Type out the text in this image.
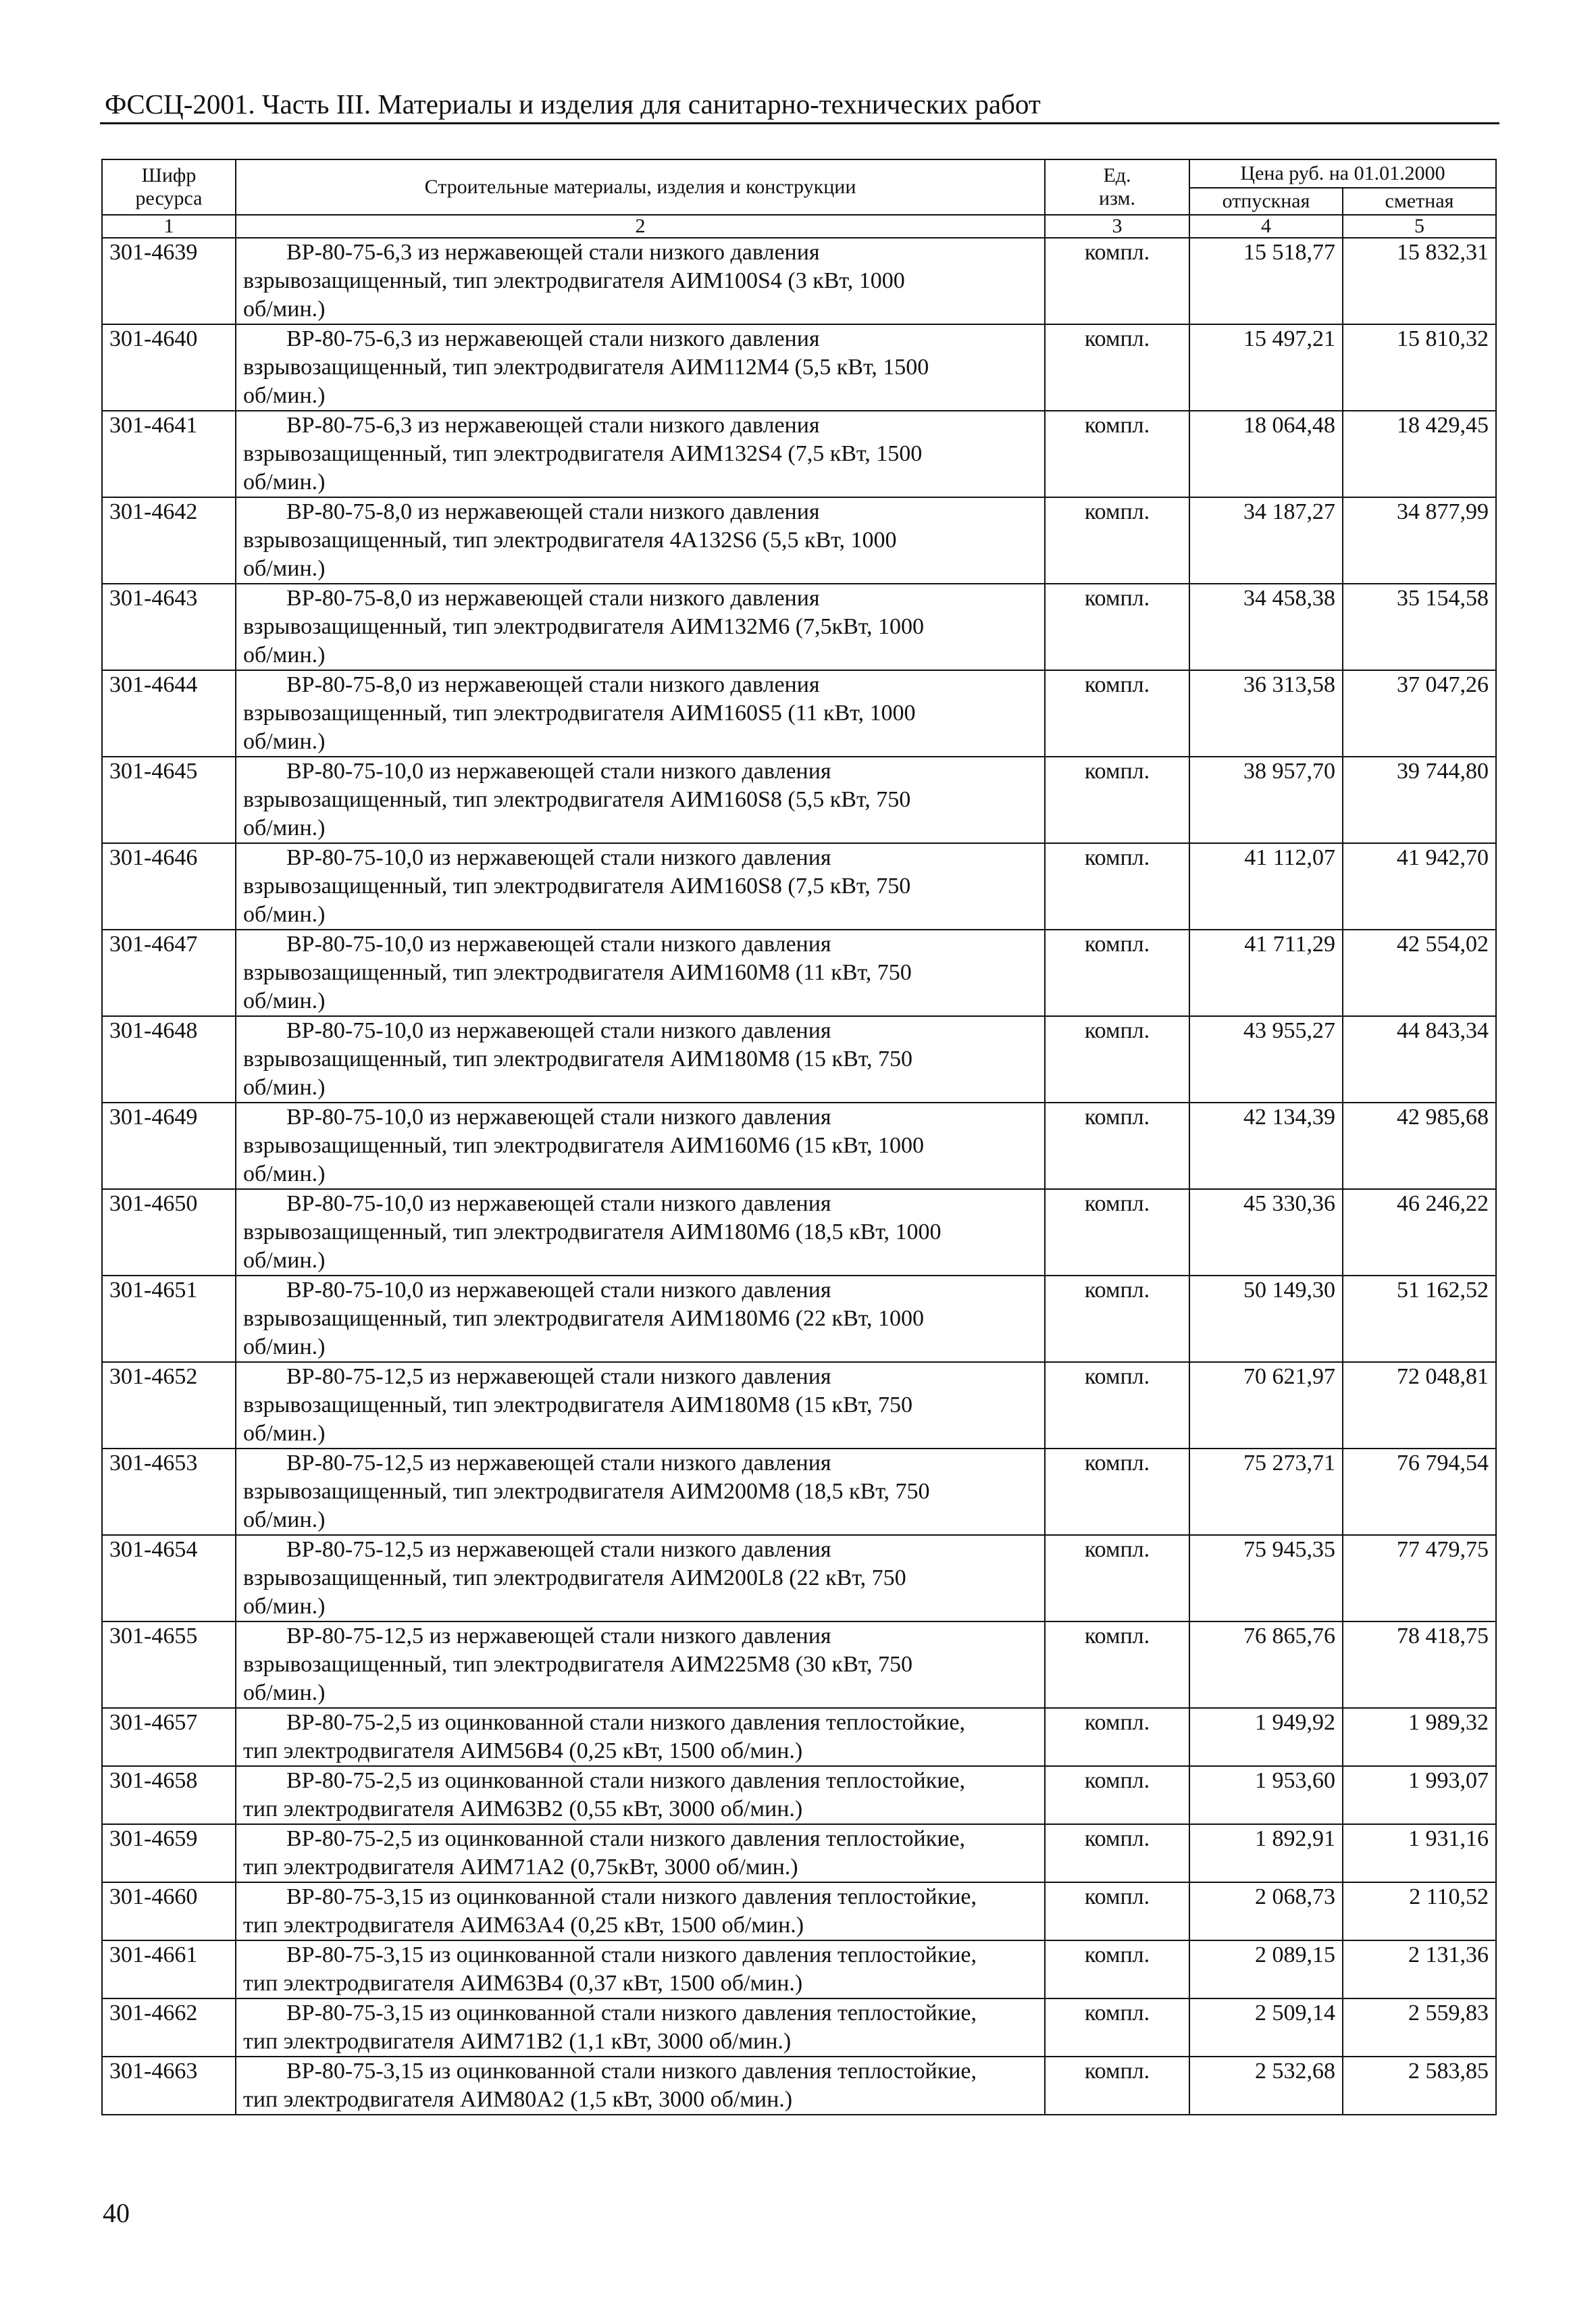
ФССЦ-2001. Часть III. Материалы и изделия для санитарно-технических работ
Шифр
ресурса	Строительные материалы, изделия и конструкции	Ед.
изм.	Цена руб. на 01.01.2000	
			отпускная	сметная
1	2	3	4	5
301-4639	ВР-80-75-6,3 из нержавеющей стали низкого давления
взрывозащищенный, тип электродвигателя АИМ100S4 (3 кВт, 1000
об/мин.)	компл.	15 518,77	15 832,31
301-4640	ВР-80-75-6,3 из нержавеющей стали низкого давления
взрывозащищенный, тип электродвигателя АИМ112М4 (5,5 кВт, 1500
об/мин.)	компл.	15 497,21	15 810,32
301-4641	ВР-80-75-6,3 из нержавеющей стали низкого давления
взрывозащищенный, тип электродвигателя АИМ132S4 (7,5 кВт, 1500
об/мин.)	компл.	18 064,48	18 429,45
301-4642	ВР-80-75-8,0 из нержавеющей стали низкого давления
взрывозащищенный, тип электродвигателя 4А132S6 (5,5 кВт, 1000
об/мин.)	компл.	34 187,27	34 877,99
301-4643	ВР-80-75-8,0 из нержавеющей стали низкого давления
взрывозащищенный, тип электродвигателя АИМ132М6 (7,5кВт, 1000
об/мин.)	компл.	34 458,38	35 154,58
301-4644	ВР-80-75-8,0 из нержавеющей стали низкого давления
взрывозащищенный, тип электродвигателя АИМ160S5 (11 кВт, 1000
об/мин.)	компл.	36 313,58	37 047,26
301-4645	ВР-80-75-10,0 из нержавеющей стали низкого давления
взрывозащищенный, тип электродвигателя АИМ160S8 (5,5 кВт, 750
об/мин.)	компл.	38 957,70	39 744,80
301-4646	ВР-80-75-10,0 из нержавеющей стали низкого давления
взрывозащищенный, тип электродвигателя АИМ160S8 (7,5 кВт, 750
об/мин.)	компл.	41 112,07	41 942,70
301-4647	ВР-80-75-10,0 из нержавеющей стали низкого давления
взрывозащищенный, тип электродвигателя АИМ160М8 (11 кВт, 750
об/мин.)	компл.	41 711,29	42 554,02
301-4648	ВР-80-75-10,0 из нержавеющей стали низкого давления
взрывозащищенный, тип электродвигателя АИМ180М8 (15 кВт, 750
об/мин.)	компл.	43 955,27	44 843,34
301-4649	ВР-80-75-10,0 из нержавеющей стали низкого давления
взрывозащищенный, тип электродвигателя АИМ160М6 (15 кВт, 1000
об/мин.)	компл.	42 134,39	42 985,68
301-4650	ВР-80-75-10,0 из нержавеющей стали низкого давления
взрывозащищенный, тип электродвигателя АИМ180М6 (18,5 кВт, 1000
об/мин.)	компл.	45 330,36	46 246,22
301-4651	ВР-80-75-10,0 из нержавеющей стали низкого давления
взрывозащищенный, тип электродвигателя АИМ180М6 (22 кВт, 1000
об/мин.)	компл.	50 149,30	51 162,52
301-4652	ВР-80-75-12,5 из нержавеющей стали низкого давления
взрывозащищенный, тип электродвигателя АИМ180М8 (15 кВт, 750
об/мин.)	компл.	70 621,97	72 048,81
301-4653	ВР-80-75-12,5 из нержавеющей стали низкого давления
взрывозащищенный, тип электродвигателя АИМ200М8 (18,5 кВт, 750
об/мин.)	компл.	75 273,71	76 794,54
301-4654	ВР-80-75-12,5 из нержавеющей стали низкого давления
взрывозащищенный, тип электродвигателя АИМ200L8 (22 кВт, 750
об/мин.)	компл.	75 945,35	77 479,75
301-4655	ВР-80-75-12,5 из нержавеющей стали низкого давления
взрывозащищенный, тип электродвигателя АИМ225М8 (30 кВт, 750
об/мин.)	компл.	76 865,76	78 418,75
301-4657	ВР-80-75-2,5 из оцинкованной стали низкого давления теплостойкие,
тип электродвигателя АИМ56В4 (0,25 кВт, 1500 об/мин.)	компл.	1 949,92	1 989,32
301-4658	ВР-80-75-2,5 из оцинкованной стали низкого давления теплостойкие,
тип электродвигателя АИМ63В2 (0,55 кВт, 3000 об/мин.)	компл.	1 953,60	1 993,07
301-4659	ВР-80-75-2,5 из оцинкованной стали низкого давления теплостойкие,
тип электродвигателя АИМ71А2 (0,75кВт, 3000 об/мин.)	компл.	1 892,91	1 931,16
301-4660	ВР-80-75-3,15 из оцинкованной стали низкого давления теплостойкие,
тип электродвигателя АИМ63А4 (0,25 кВт, 1500 об/мин.)	компл.	2 068,73	2 110,52
301-4661	ВР-80-75-3,15 из оцинкованной стали низкого давления теплостойкие,
тип электродвигателя АИМ63В4 (0,37 кВт, 1500 об/мин.)	компл.	2 089,15	2 131,36
301-4662	ВР-80-75-3,15 из оцинкованной стали низкого давления теплостойкие,
тип электродвигателя АИМ71В2 (1,1 кВт, 3000 об/мин.)	компл.	2 509,14	2 559,83
301-4663	ВР-80-75-3,15 из оцинкованной стали низкого давления теплостойкие,
тип электродвигателя АИМ80А2 (1,5 кВт, 3000 об/мин.)	компл.	2 532,68	2 583,85
40
